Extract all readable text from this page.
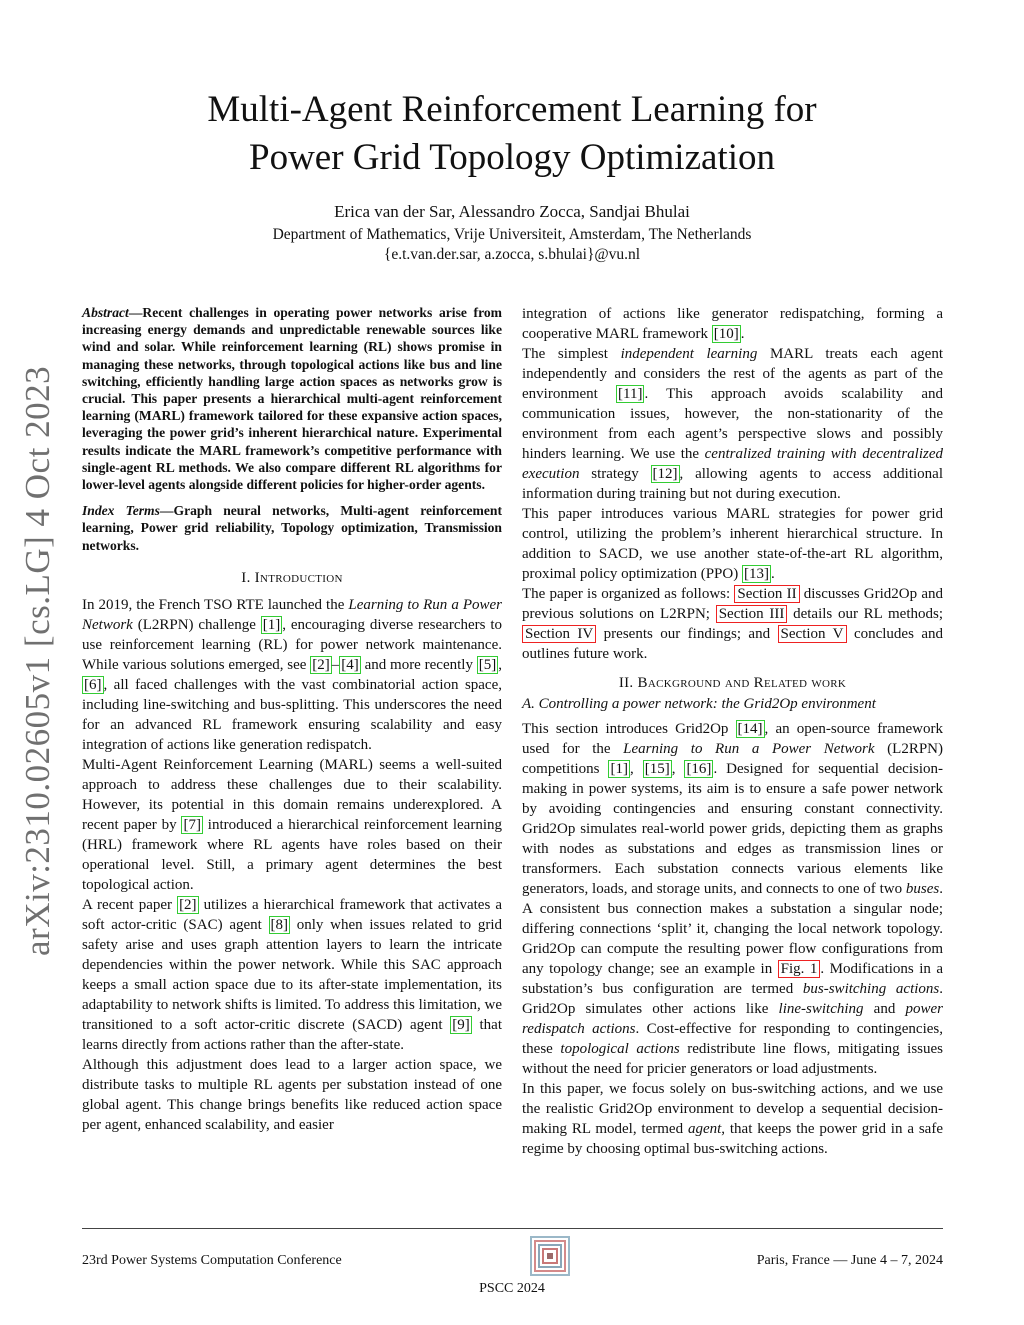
arXiv:2310.02605v1 [cs.LG] 4 Oct 2023
Multi-Agent Reinforcement Learning for
Power Grid Topology Optimization
Erica van der Sar, Alessandro Zocca, Sandjai Bhulai
Department of Mathematics, Vrije Universiteit, Amsterdam, The Netherlands
{e.t.van.der.sar, a.zocca, s.bhulai}@vu.nl

Abstract—Recent challenges in operating power networks arise from increasing energy demands and unpredictable renewable sources like wind and solar. While reinforcement learning (RL) shows promise in managing these networks, through topological actions like bus and line switching, efficiently handling large action spaces as networks grow is crucial. This paper presents a hierarchical multi-agent reinforcement learning (MARL) framework tailored for these expansive action spaces, leveraging the power grid’s inherent hierarchical nature. Experimental results indicate the MARL framework’s competitive performance with single-agent RL methods. We also compare different RL algorithms for lower-level agents alongside different policies for higher-order agents.

Index Terms—Graph neural networks, Multi-agent reinforcement learning, Power grid reliability, Topology optimization, Transmission networks.

I. Introduction

In 2019, the French TSO RTE launched the Learning to Run a Power Network (L2RPN) challenge [1] , encouraging diverse researchers to use reinforcement learning (RL) for power network maintenance. While various solutions emerged, see [2] – [4] and more recently [5] , [6] , all faced challenges with the vast combinatorial action space, including line-switching and bus-splitting. This underscores the need for an advanced RL framework ensuring scalability and easy integration of actions like generation redispatch.

Multi-Agent Reinforcement Learning (MARL) seems a well-suited approach to address these challenges due to their scalability. However, its potential in this domain remains underexplored. A recent paper by [7] introduced a hierarchical reinforcement learning (HRL) framework where RL agents have roles based on their operational level. Still, a primary agent determines the best topological action.

A recent paper [2] utilizes a hierarchical framework that activates a soft actor-critic (SAC) agent [8] only when issues related to grid safety arise and uses graph attention layers to learn the intricate dependencies within the power network. While this SAC approach keeps a small action space due to its after-state implementation, its adaptability to network shifts is limited. To address this limitation, we transitioned to a soft actor-critic discrete (SACD) agent [9] that learns directly from actions rather than the after-state.

Although this adjustment does lead to a larger action space, we distribute tasks to multiple RL agents per substation instead of one global agent. This change brings benefits like reduced action space per agent, enhanced scalability, and easier

integration of actions like generator redispatching, forming a cooperative MARL framework [10] .

The simplest independent learning MARL treats each agent independently and considers the rest of the agents as part of the environment [11] . This approach avoids scalability and communication issues, however, the non-stationarity of the environment from each agent’s perspective slows and possibly hinders learning. We use the centralized training with decentralized execution strategy [12] , allowing agents to access additional information during training but not during execution.

This paper introduces various MARL strategies for power grid control, utilizing the problem’s inherent hierarchical structure. In addition to SACD, we use another state-of-the-art RL algorithm, proximal policy optimization (PPO) [13] .

The paper is organized as follows: Section II discusses Grid2Op and previous solutions on L2RPN; Section III details our RL methods; Section IV presents our findings; and Section V concludes and outlines future work.

II. Background and Related work

A. Controlling a power network: the Grid2Op environment

This section introduces Grid2Op [14] , an open-source framework used for the Learning to Run a Power Network (L2RPN) competitions [1] , [15] , [16] . Designed for sequential decision-making in power systems, its aim is to ensure a safe power network by avoiding contingencies and ensuring constant connectivity. Grid2Op simulates real-world power grids, depicting them as graphs with nodes as substations and edges as transmission lines or transformers. Each substation connects various elements like generators, loads, and storage units, and connects to one of two buses. A consistent bus connection makes a substation a singular node; differing connections ‘split’ it, changing the local network topology. Grid2Op can compute the resulting power flow configurations from any topology change; see an example in Fig. 1 . Modifications in a substation’s bus configuration are termed bus-switching actions. Grid2Op simulates other actions like line-switching and power redispatch actions. Cost-effective for responding to contingencies, these topological actions redistribute line flows, mitigating issues without the need for pricier generators or load adjustments.

In this paper, we focus solely on bus-switching actions, and we use the realistic Grid2Op environment to develop a sequential decision-making RL model, termed agent, that keeps the power grid in a safe regime by choosing optimal bus-switching actions.

23rd Power Systems Computation Conference	Paris, France — June 4 – 7, 2024
PSCC 2024
